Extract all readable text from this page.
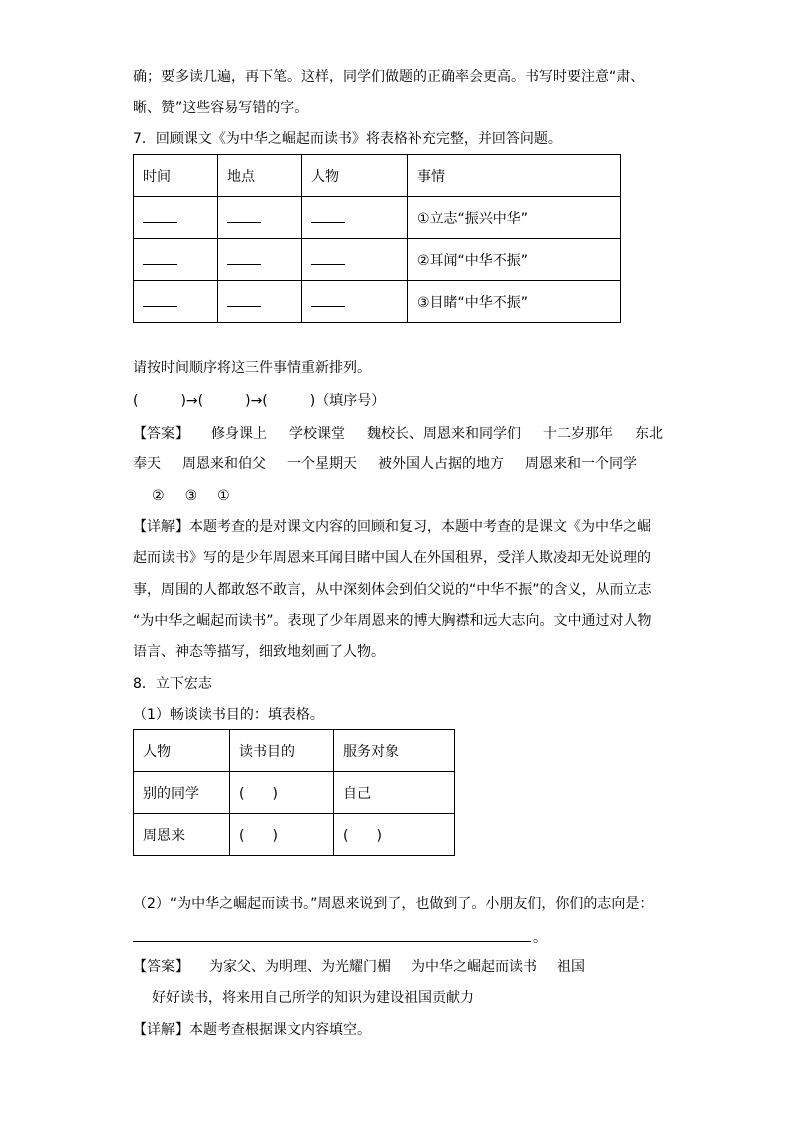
确；要多读几遍，再下笔。这样，同学们做题的正确率会更高。书写时要注意“肃、
晰、赞”这些容易写错的字。
7．回顾课文《为中华之崛起而读书》将表格补充完整，并回答问题。
时间	地点	人物	事情
			①立志“振兴中华”
			②耳闻“中华不振”
			③目睹“中华不振”
请按时间顺序将这三件事情重新排列。
(　　　)→(　　　)→(　　　)（填序号）
【答案】 修身课上 学校课堂 魏校长、周恩来和同学们 十二岁那年 东北
奉天 周恩来和伯父 一个星期天 被外国人占据的地方 周恩来和一个同学
② ③ ①
【详解】本题考查的是对课文内容的回顾和复习，本题中考查的是课文《为中华之崛
起而读书》写的是少年周恩来耳闻目睹中国人在外国租界，受洋人欺凌却无处说理的
事，周围的人都敢怒不敢言，从中深刻体会到伯父说的“中华不振”的含义，从而立志
“为中华之崛起而读书”。表现了少年周恩来的博大胸襟和远大志向。文中通过对人物
语言、神态等描写，细致地刻画了人物。
8．立下宏志
（1）畅谈读书目的：填表格。
人物	读书目的	服务对象
别的同学	(　　)	自己
周恩来	(　　)	(　　)
（2）“为中华之崛起而读书。”周恩来说到了，也做到了。小朋友们，你们的志向是：
。
【答案】 为家父、为明理、为光耀门楣 为中华之崛起而读书 祖国
好好读书，将来用自己所学的知识为建设祖国贡献力
【详解】本题考查根据课文内容填空。
